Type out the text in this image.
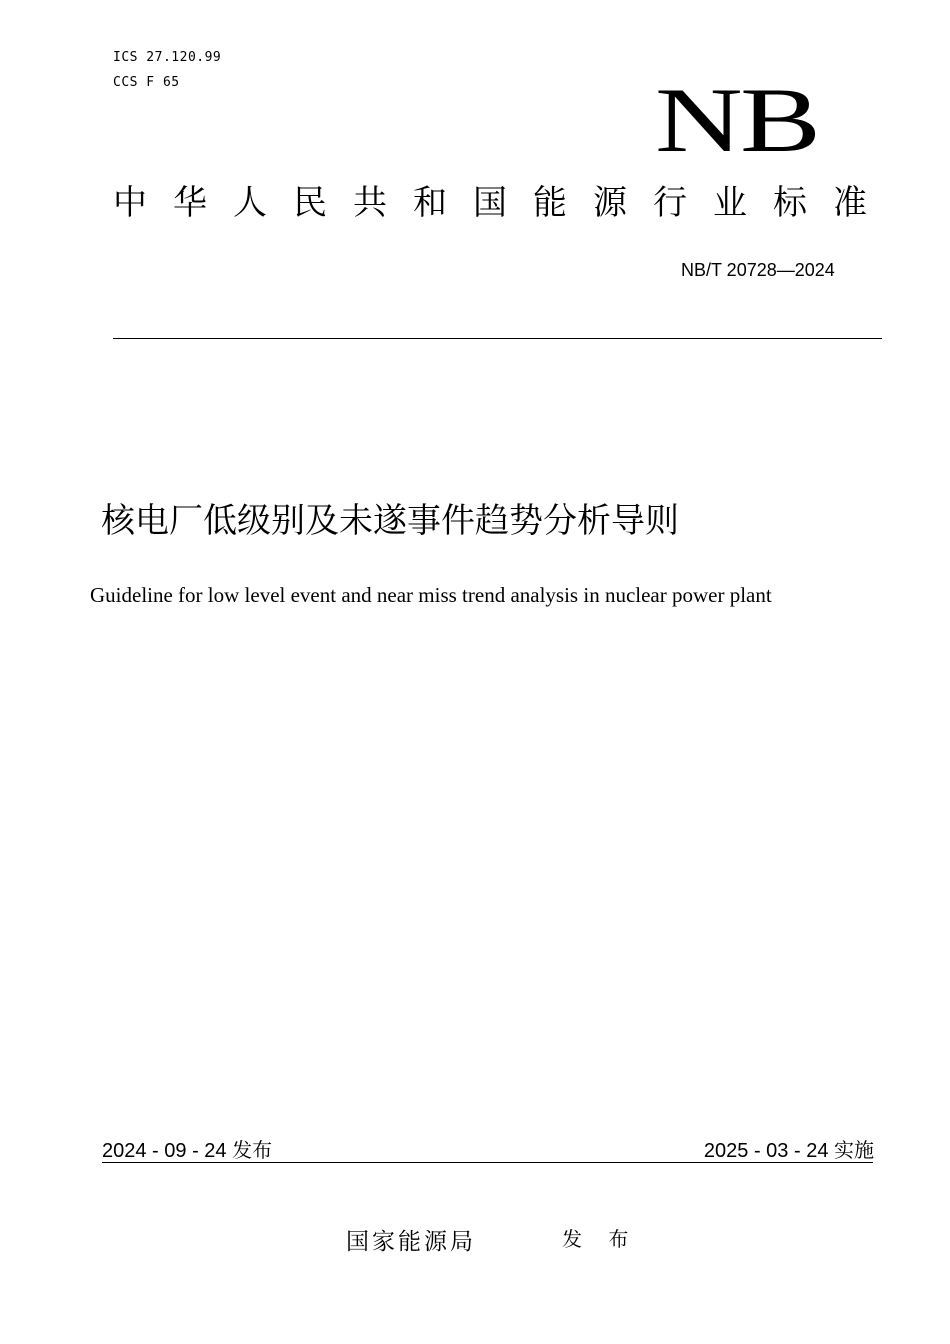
ICS 27.120.99
CCS F 65	NB
中华人民共和国能源行业标准
NB/T 20728—2024
核电厂低级别及未遂事件趋势分析导则
Guideline for low level event and near miss trend analysis in nuclear power plant
2024 - 09 - 24 发布	2025 - 03 - 24 实施
国家能源局	发 布
